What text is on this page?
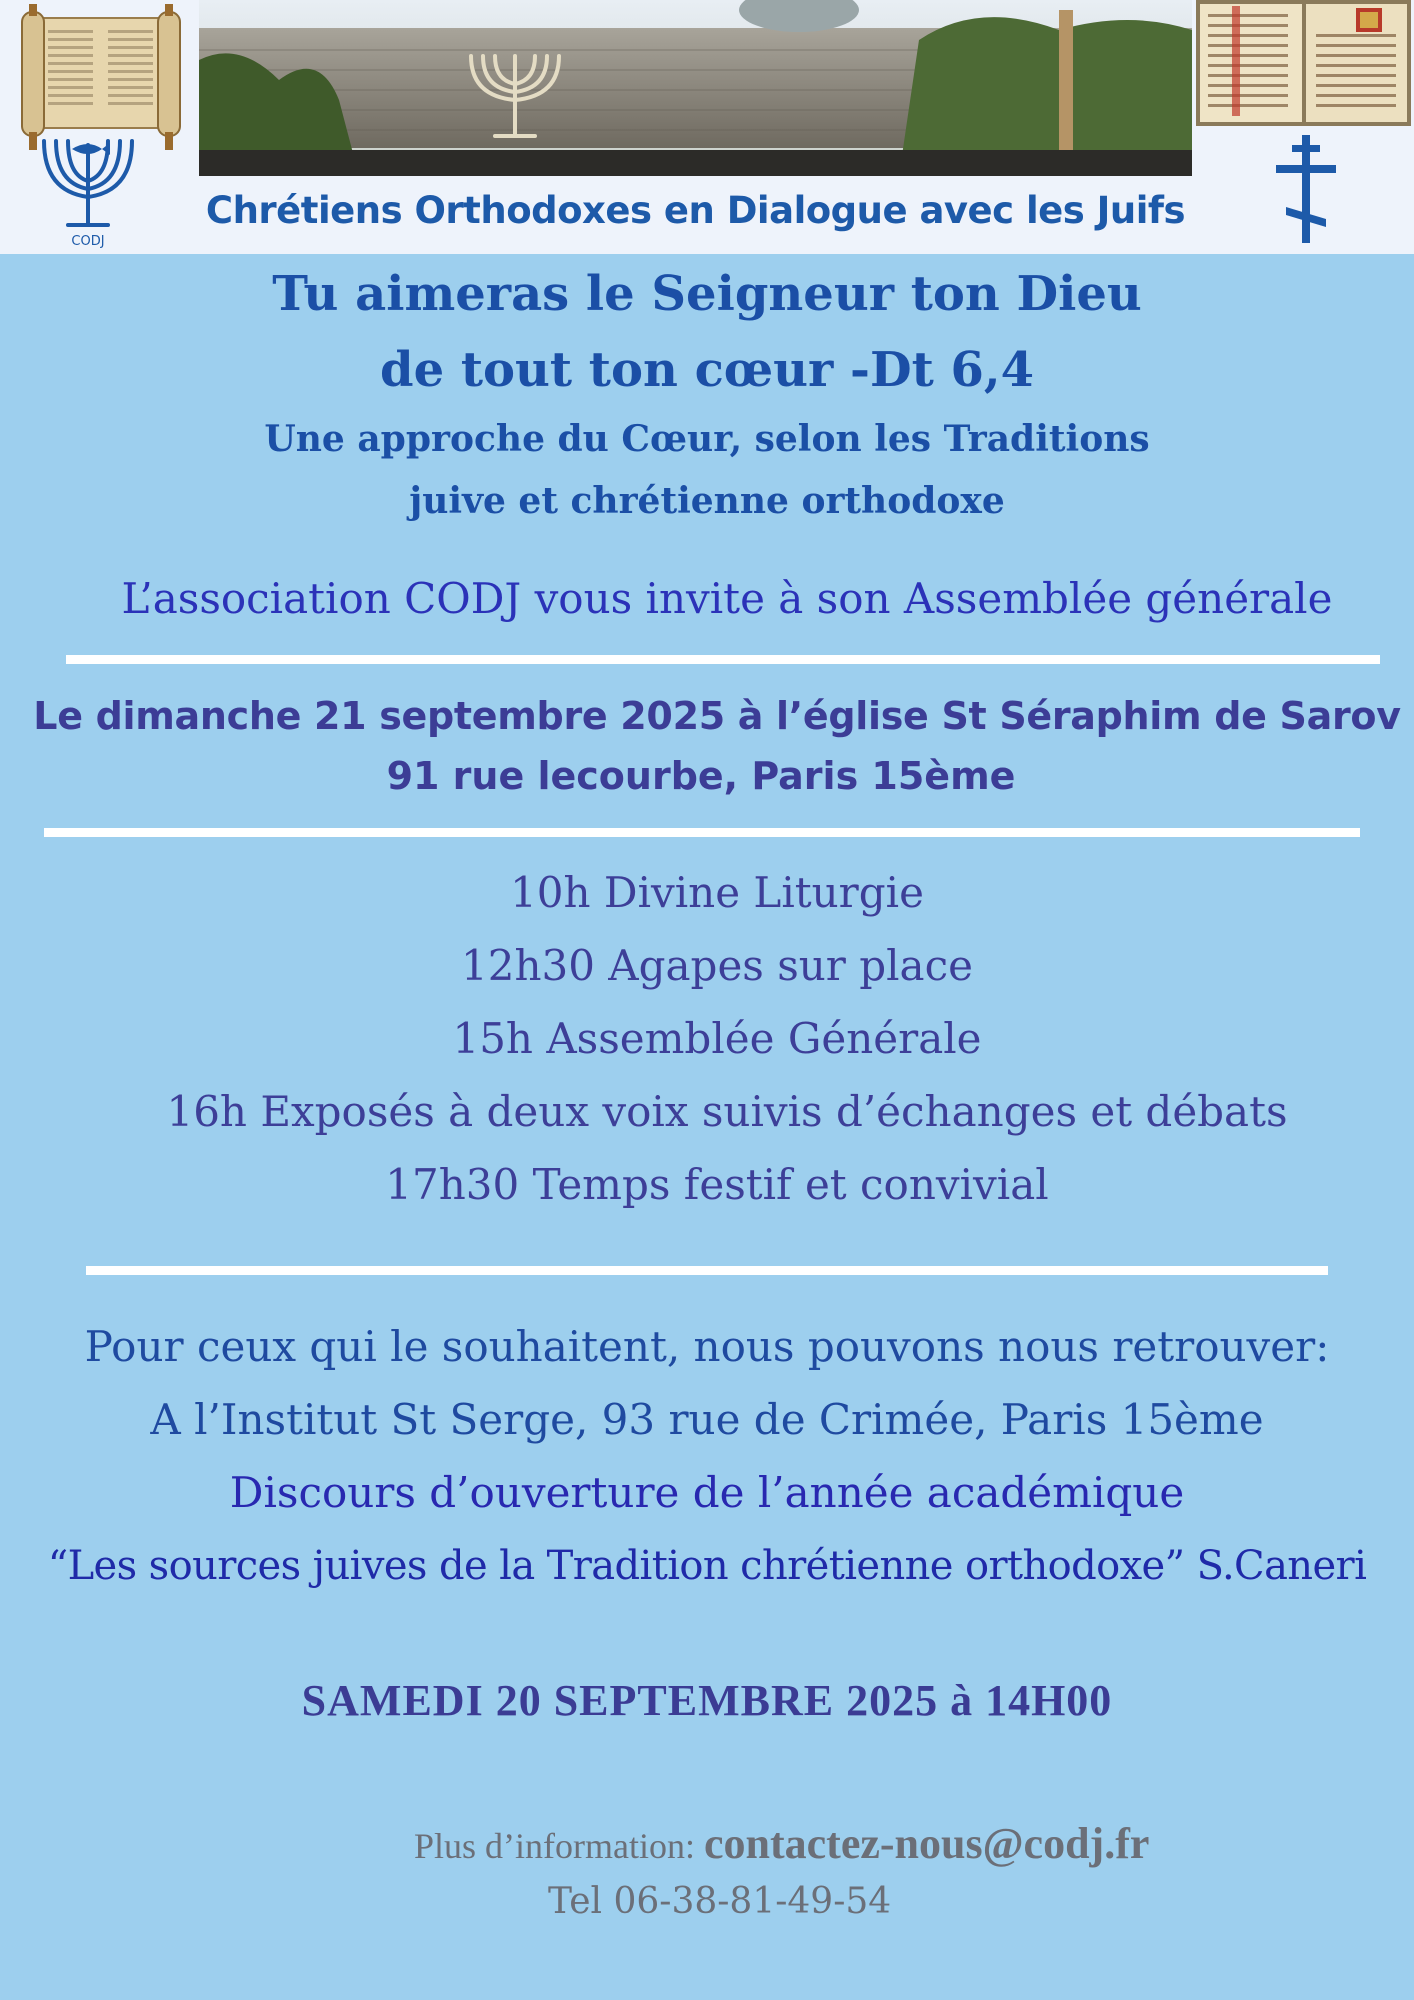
CODJ
Chrétiens Orthodoxes en Dialogue avec les Juifs
Tu aimeras le Seigneur ton Dieu
de tout ton cœur -Dt 6,4
Une approche du Cœur, selon les Traditions
juive et chrétienne orthodoxe
L’association CODJ vous invite à son Assemblée générale
Le dimanche 21 septembre 2025 à l’église St Séraphim de Sarov
91 rue lecourbe, Paris 15ème
10h Divine Liturgie
12h30 Agapes sur place
15h Assemblée Générale
16h Exposés à deux voix suivis d’échanges et débats
17h30 Temps festif et convivial
Pour ceux qui le souhaitent, nous pouvons nous retrouver:
A l’Institut St Serge, 93 rue de Crimée, Paris 15ème
Discours d’ouverture de l’année académique
“Les sources juives de la Tradition chrétienne orthodoxe” S.Caneri
SAMEDI 20 SEPTEMBRE 2025 à 14H00
Plus d’information: contactez-nous@codj.fr
Tel 06-38-81-49-54
